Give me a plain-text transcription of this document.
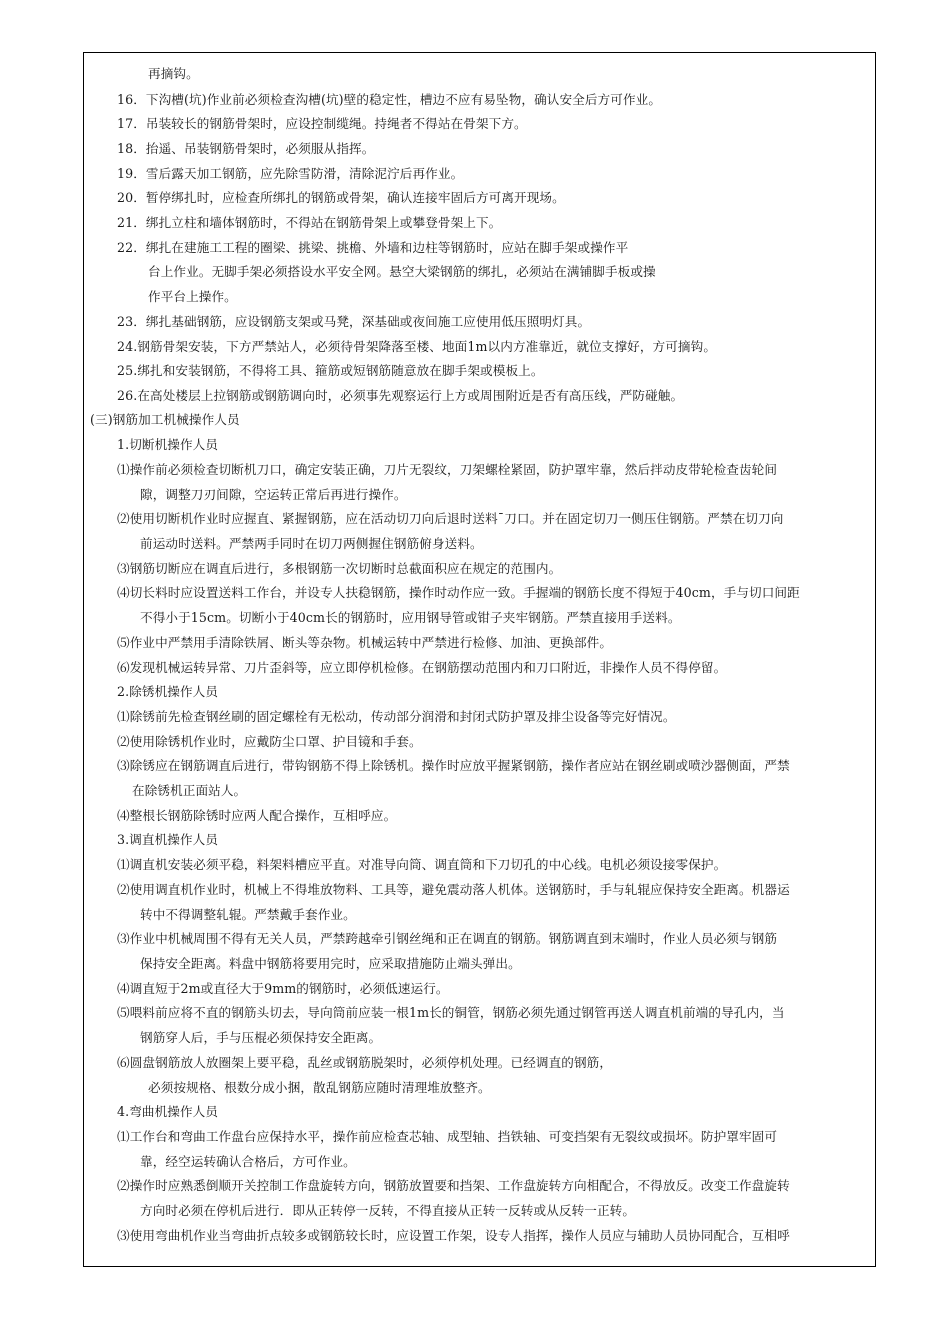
再摘钩。
16．下沟槽(坑)作业前必须检查沟槽(坑)壁的稳定性，槽边不应有易坠物，确认安全后方可作业。
17．吊装较长的钢筋骨架时，应设控制缆绳。持绳者不得站在骨架下方。
18．抬遥、吊装钢筋骨架时，必须服从指挥。
19．雪后露天加工钢筋，应先除雪防滑，清除泥泞后再作业。
20．暂停绑扎时，应检查所绑扎的钢筋或骨架，确认连接牢固后方可离开现场。
21．绑扎立柱和墙体钢筋时，不得站在钢筋骨架上或攀登骨架上下。
22．绑扎在建施工工程的圈梁、挑梁、挑檐、外墙和边柱等钢筋时，应站在脚手架或操作平
台上作业。无脚手架必须搭设水平安全网。悬空大梁钢筋的绑扎，必须站在满铺脚手板或操
作平台上操作。
23．绑扎基础钢筋，应设钢筋支架或马凳，深基础或夜间施工应使用低压照明灯具。
24.钢筋骨架安装，下方严禁站人，必须待骨架降落至楼、地面1m以内方准靠近，就位支撑好，方可摘钩。
25.绑扎和安装钢筋，不得将工具、箍筋或短钢筋随意放在脚手架或模板上。
26.在高处楼层上拉钢筋或钢筋调向时，必须事先观察运行上方或周围附近是否有高压线，严防碰触。
(三)钢筋加工机械操作人员
1.切断机操作人员
⑴操作前必须检查切断机刀口，确定安装正确，刀片无裂纹，刀架螺栓紧固，防护罩牢靠，然后拌动皮带轮检查齿轮间
隙，调整刀刃间隙，空运转正常后再进行操作。
⑵使用切断机作业时应握直、紧握钢筋，应在活动切刀向后退时送料ˉ刀口。并在固定切刀一侧压住钢筋。严禁在切刀向
前运动时送料。严禁两手同时在切刀两侧握住钢筋俯身送料。
⑶钢筋切断应在调直后进行，多根钢筋一次切断时总截面积应在规定的范围内。
⑷切长料时应设置送料工作台，并设专人扶稳钢筋，操作时动作应一致。手握端的钢筋长度不得短于40cm，手与切口间距
不得小于15cm。切断小于40cm长的钢筋时，应用钢导管或钳子夹牢钢筋。严禁直接用手送料。
⑸作业中严禁用手清除铁屑、断头等杂物。机械运转中严禁进行检修、加油、更换部件。
⑹发现机械运转异常、刀片歪斜等，应立即停机检修。在钢筋摆动范围内和刀口附近，非操作人员不得停留。
2.除锈机操作人员
⑴除锈前先检查钢丝刷的固定螺栓有无松动，传动部分润滑和封闭式防护罩及排尘设备等完好情况。
⑵使用除锈机作业时，应戴防尘口罩、护目镜和手套。
⑶除锈应在钢筋调直后进行，带钩钢筋不得上除锈机。操作时应放平握紧钢筋，操作者应站在钢丝刷或喷沙器侧面，严禁
在除锈机正面站人。
⑷整根长钢筋除锈时应两人配合操作，互相呼应。
3.调直机操作人员
⑴调直机安装必须平稳，料架料槽应平直。对准导向筒、调直筒和下刀切孔的中心线。电机必须设接零保护。
⑵使用调直机作业时，机械上不得堆放物料、工具等，避免震动落人机体。送钢筋时，手与轧辊应保持安全距离。机器运
转中不得调整轧辊。严禁戴手套作业。
⑶作业中机械周围不得有无关人员，严禁跨越牵引钢丝绳和正在调直的钢筋。钢筋调直到末端时，作业人员必须与钢筋
保持安全距离。料盘中钢筋将要用完时，应采取措施防止端头弹出。
⑷调直短于2m或直径大于9mm的钢筋时，必须低速运行。
⑸喂料前应将不直的钢筋头切去，导向筒前应装一根1m长的铜管，钢筋必须先通过钢管再送人调直机前端的导孔内，当
钢筋穿人后，手与压棍必须保持安全距离。
⑹圆盘钢筋放人放圈架上要平稳，乱丝或钢筋脱架时，必须停机处理。已经调直的钢筋，
必须按规格、根数分成小捆，散乱钢筋应随时清理堆放整齐。
4.弯曲机操作人员
⑴工作台和弯曲工作盘台应保持水平，操作前应检查芯轴、成型轴、挡铁轴、可变挡架有无裂纹或损坏。防护罩牢固可
靠，经空运转确认合格后，方可作业。
⑵操作时应熟悉倒顺开关控制工作盘旋转方向，钢筋放置要和挡架、工作盘旋转方向相配合，不得放反。改变工作盘旋转
方向时必须在停机后进行．即从正转停一反转，不得直接从正转一反转或从反转一正转。
⑶使用弯曲机作业当弯曲折点较多或钢筋较长时，应设置工作架，设专人指挥，操作人员应与辅助人员协同配合，互相呼
